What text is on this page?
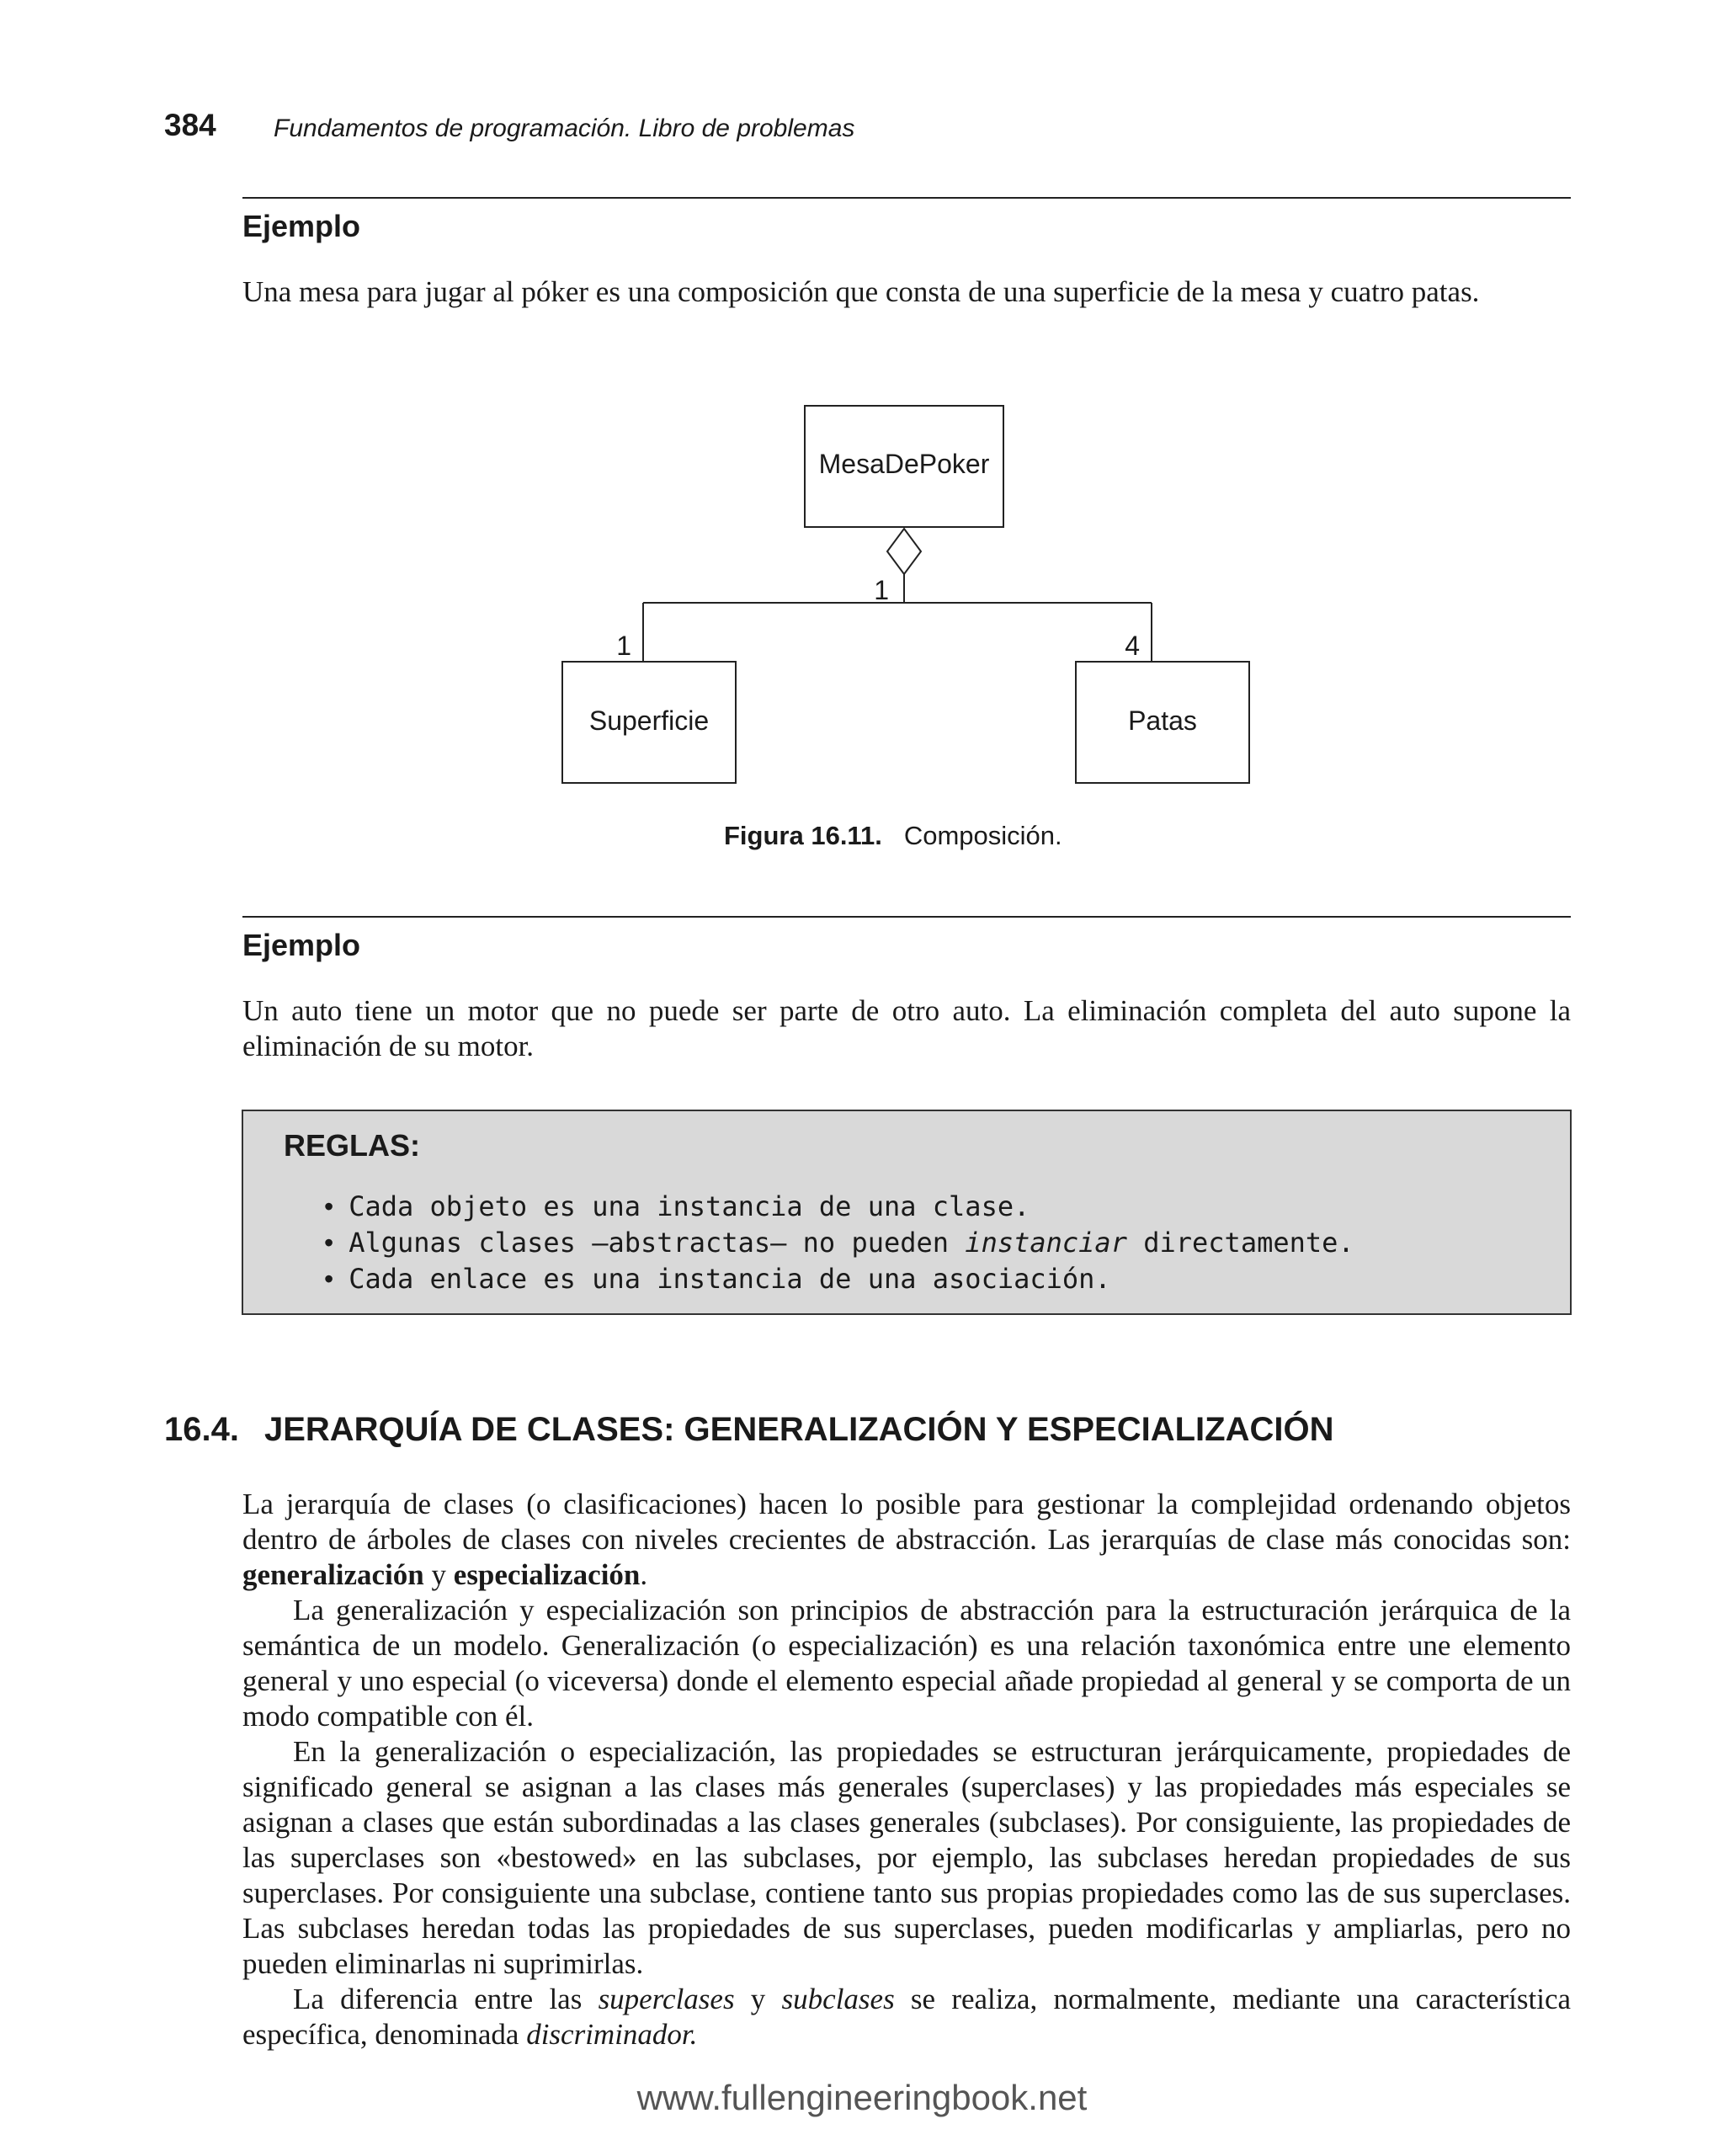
384 Fundamentos de programación. Libro de problemas
Ejemplo

Una mesa para jugar al póker es una composición que consta de una superficie de la mesa y cuatro patas.

MesaDePoker
1
1	4
Superficie	Patas
Figura 16.11. Composición.
Ejemplo

Un auto tiene un motor que no puede ser parte de otro auto. La eliminación completa del auto supone la eliminación de su motor.

REGLAS:
• Cada objeto es una instancia de una clase.
• Algunas clases —abstractas— no pueden instanciar directamente.
• Cada enlace es una instancia de una asociación.
16.4. JERARQUÍA DE CLASES: GENERALIZACIÓN Y ESPECIALIZACIÓN

La jerarquía de clases (o clasificaciones) hacen lo posible para gestionar la complejidad ordenando objetos dentro de árboles de clases con niveles crecientes de abstracción. Las jerarquías de clase más conocidas son: generalización y especialización.

La generalización y especialización son principios de abstracción para la estructuración jerárquica de la semántica de un modelo. Generalización (o especialización) es una relación taxonómica entre une elemento general y uno especial (o viceversa) donde el elemento especial añade propiedad al general y se comporta de un modo compatible con él.

En la generalización o especialización, las propiedades se estructuran jerárquicamente, propiedades de significado general se asignan a las clases más generales (superclases) y las propiedades más especiales se asignan a clases que están subordinadas a las clases generales (subclases). Por consiguiente, las propiedades de las superclases son «bestowed» en las subclases, por ejemplo, las subclases heredan propiedades de sus superclases. Por consiguiente una subclase, contiene tanto sus propias propiedades como las de sus superclases. Las subclases heredan todas las propiedades de sus superclases, pueden modificarlas y ampliarlas, pero no pueden eliminarlas ni suprimirlas.

La diferencia entre las superclases y subclases se realiza, normalmente, mediante una característica específica, denominada discriminador.

www.fullengineeringbook.net
